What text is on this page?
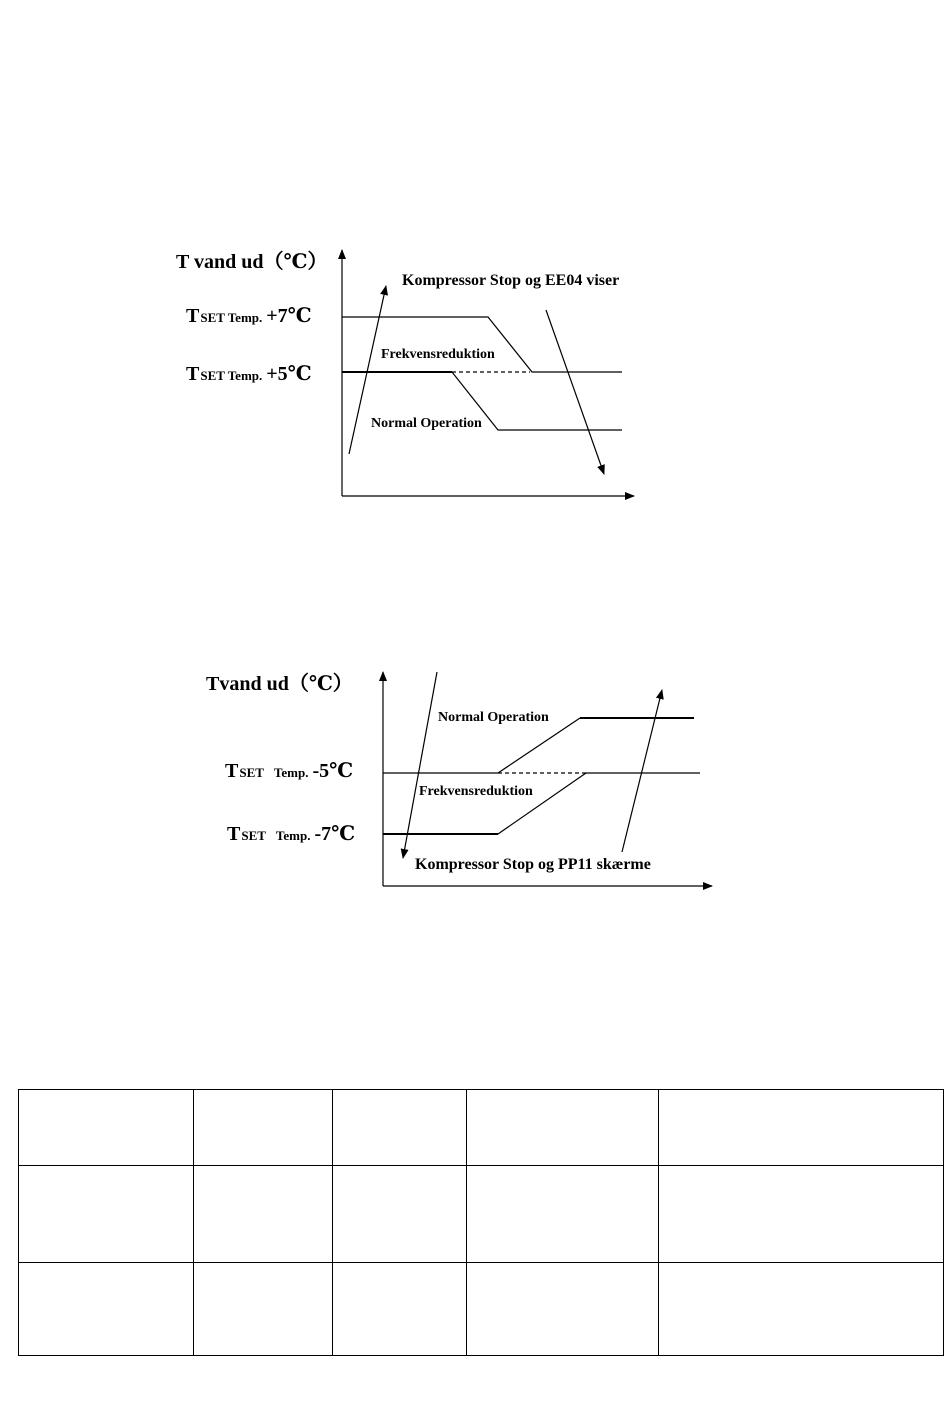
T vand ud（℃）
TSET Temp. +7℃
TSET Temp. +5℃
Kompressor Stop og EE04 viser
Frekvensreduktion
Normal Operation
Tvand ud（℃）
TSET Temp. -5℃
TSET Temp. -7℃
Normal Operation
Frekvensreduktion
Kompressor Stop og PP11 skærme
